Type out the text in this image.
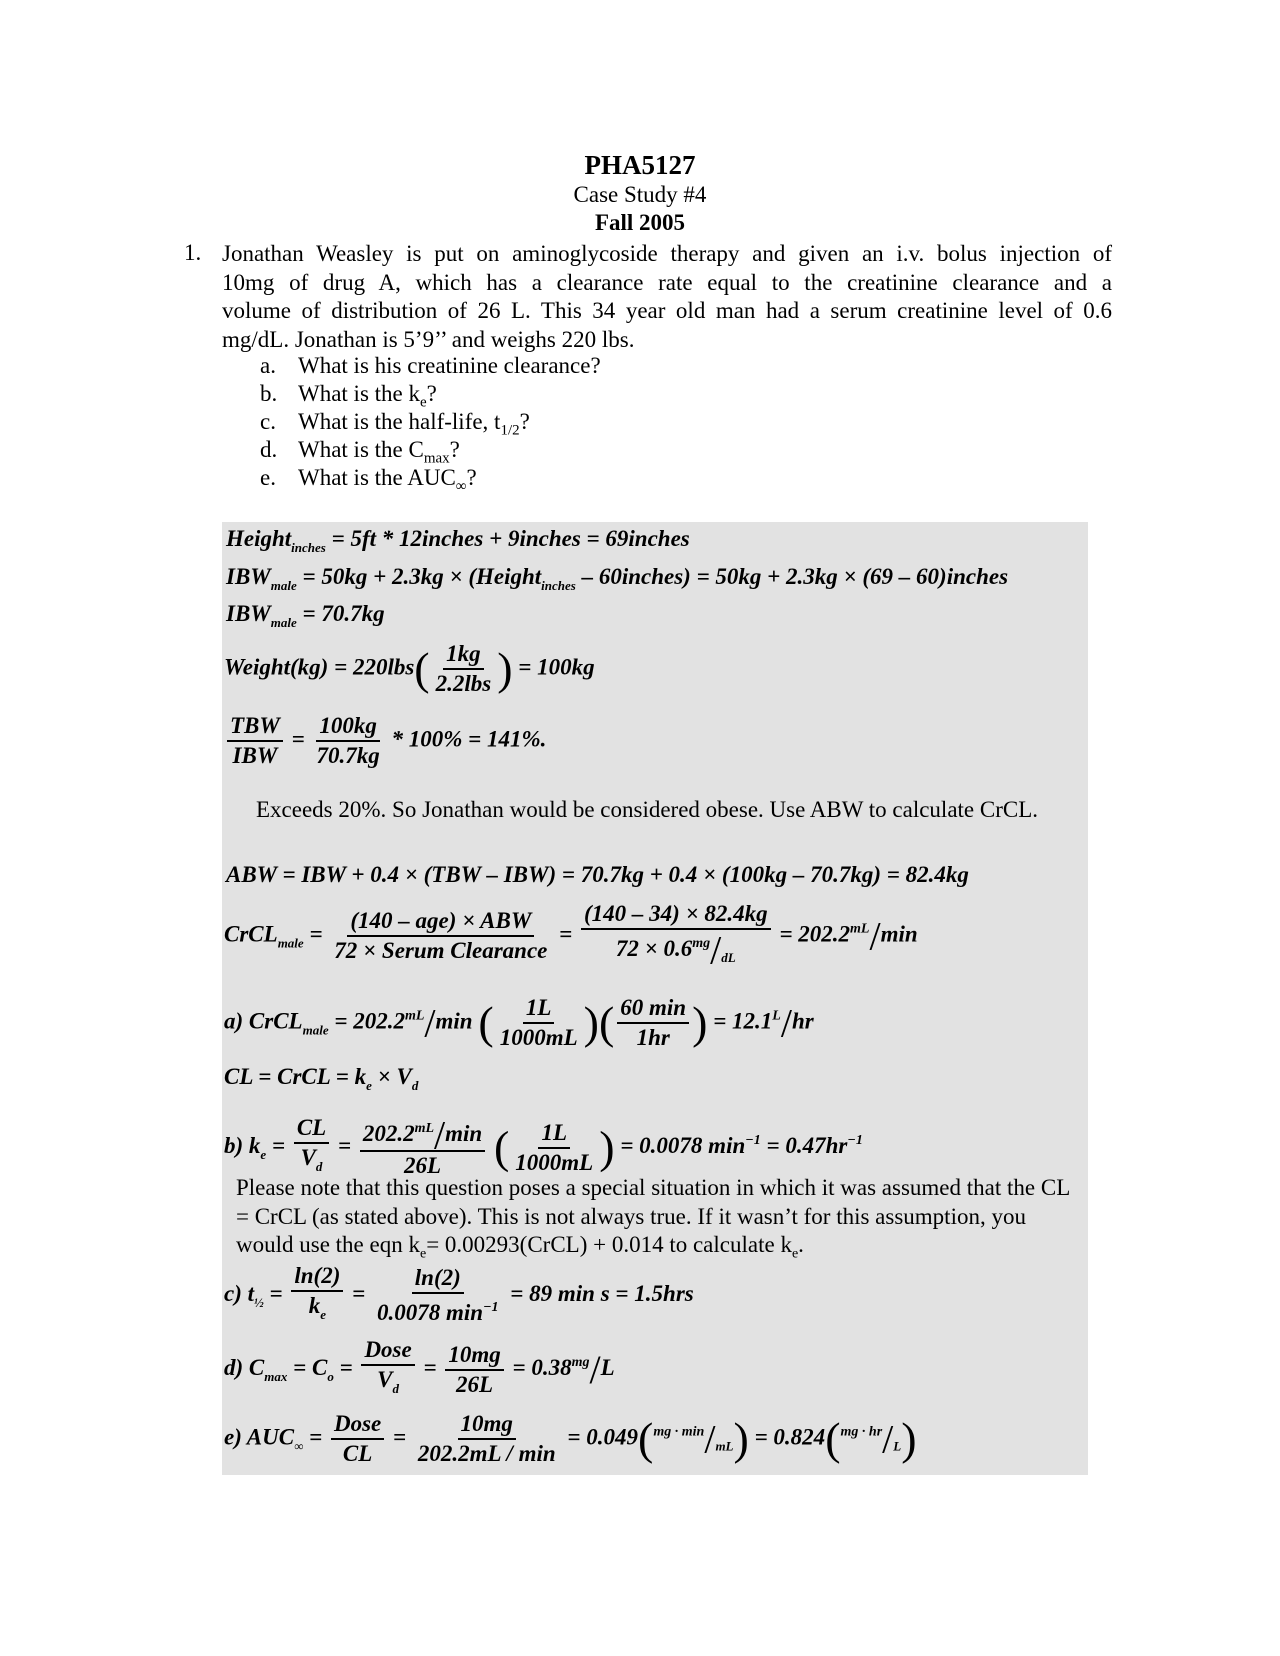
PHA5127
Case Study #4
Fall 2005
1. Jonathan Weasley is put on aminoglycoside therapy and given an i.v. bolus injection of
10mg of drug A, which has a clearance rate equal to the creatinine clearance and a
volume of distribution of 26 L. This 34 year old man had a serum creatinine level of 0.6
mg/dL. Jonathan is 5’9’’ and weighs 220 lbs.
a. What is his creatinine clearance?
b. What is the $k_e$?
c. What is the half-life, $t_{1/2}$?
d. What is the $C_{max}$?
e. What is the $AUC_\infty$?
Height$_{inches}$ = 5ft * 12inches + 9inches = 69inches
$IBW_{male} = 50kg + 2.3kg$ × (Height$_{inches}$ – 60inches) = 50kg + 2.3kg × (69 – 60)inches
$IBW_{male} = 70.7kg$
Weight(kg) = $220lbs( \frac{1kg}{\text{2.2lbs}}$ ) = 100kg
$\frac{\text{TBW}}{\text{IBW}} = \frac{100kg}{70.7kg} * 100\% = 141\%$.
Exceeds 20%. So Jonathan would be considered obese. Use ABW to calculate CrCL.
ABW = IBW + 0.4 × (TBW – IBW) = 70.7kg + 0.4 × (100kg – 70.7kg) = 82.4kg
CrCL$_{male}$ = $\frac{\text{(140 – age) × ABW}}{\text{72 × Serum Clearance}} = \frac{(140 - 34) \times 82.4kg}{72 \times 0.6^{mg}/_{dL}} = 202.2^{mL}/\min$
a) CrCL$_{male}$ = $202.2^{mL}/\min$ ( $\frac{1L}{1000mL}$ )( $\frac{60 \min}{1hr}$ ) = $12.1^L/hr$
CL = CrCL = $k_e \times V_d$
b) $k_e = \frac{CL}{V_d} = \frac{202.2^{mL}/\min}{26L}$ ( $\frac{1L}{1000mL}$ ) = 0.0078 $\min^{-1} = 0.47hr^{-1}$
Please note that this question poses a special situation in which it was assumed that the CL = CrCL (as stated above). This is not always true. If it wasn’t for this assumption, you would use the eqn $k_e=$ 0.00293(CrCL) + 0.014 to calculate $k_e$.
c) $t_{\frac{1}{2}} = \frac{\ln(2)}{k_e} = \frac{\ln(2)}{0.0078 \min^{-1}} = 89$ min s = 1.5hrs
d) $C_{max} = C_o = \frac{\text{Dose}}{V_d} = \frac{10mg}{26L} = 0.38^{mg}/L$
e) $AUC_\infty = \frac{\text{Dose}}{CL} = \frac{10mg}{202.2mL / \min} = 0.049(^{mg \cdot min}/_{mL}) = 0.824(^{mg \cdot hr}/_L)$
